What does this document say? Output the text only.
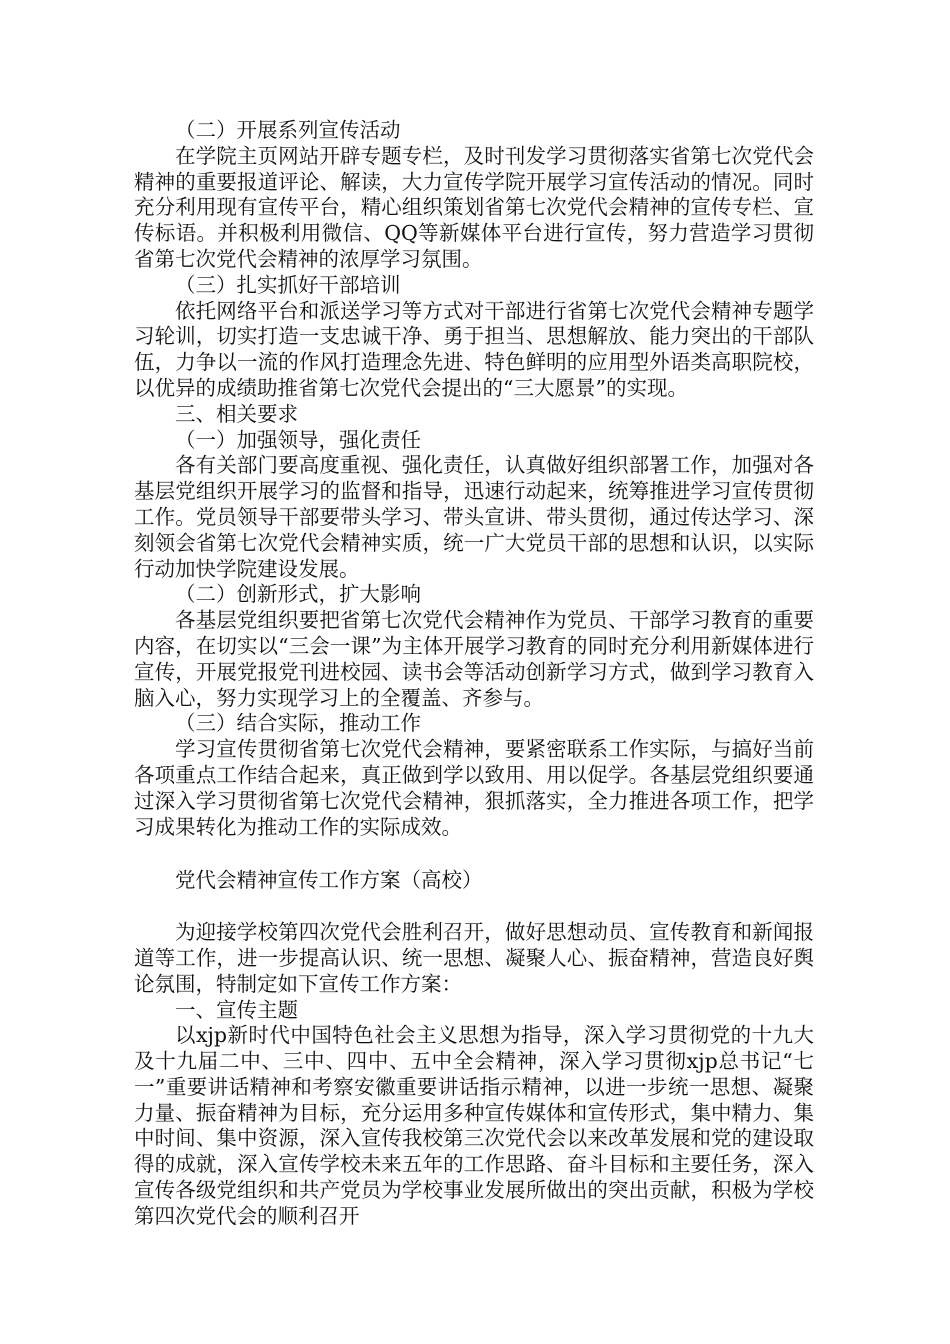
（二）开展系列宣传活动

在学院主页网站开辟专题专栏，及时刊发学习贯彻落实省第七次党代会精神的重要报道评论、解读，大力宣传学院开展学习宣传活动的情况。同时充分利用现有宣传平台，精心组织策划省第七次党代会精神的宣传专栏、宣传标语。并积极利用微信、QQ等新媒体平台进行宣传，努力营造学习贯彻省第七次党代会精神的浓厚学习氛围。

（三）扎实抓好干部培训

依托网络平台和派送学习等方式对干部进行省第七次党代会精神专题学习轮训，切实打造一支忠诚干净、勇于担当、思想解放、能力突出的干部队伍，力争以一流的作风打造理念先进、特色鲜明的应用型外语类高职院校，以优异的成绩助推省第七次党代会提出的“三大愿景”的实现。

三、相关要求

（一）加强领导，强化责任

各有关部门要高度重视、强化责任，认真做好组织部署工作，加强对各基层党组织开展学习的监督和指导，迅速行动起来，统筹推进学习宣传贯彻工作。党员领导干部要带头学习、带头宣讲、带头贯彻，通过传达学习、深刻领会省第七次党代会精神实质，统一广大党员干部的思想和认识，以实际行动加快学院建设发展。

（二）创新形式，扩大影响

各基层党组织要把省第七次党代会精神作为党员、干部学习教育的重要内容，在切实以“三会一课”为主体开展学习教育的同时充分利用新媒体进行宣传，开展党报党刊进校园、读书会等活动创新学习方式，做到学习教育入脑入心，努力实现学习上的全覆盖、齐参与。

（三）结合实际，推动工作

学习宣传贯彻省第七次党代会精神，要紧密联系工作实际，与搞好当前各项重点工作结合起来，真正做到学以致用、用以促学。各基层党组织要通过深入学习贯彻省第七次党代会精神，狠抓落实，全力推进各项工作，把学习成果转化为推动工作的实际成效。

党代会精神宣传工作方案（高校）

为迎接学校第四次党代会胜利召开，做好思想动员、宣传教育和新闻报道等工作，进一步提高认识、统一思想、凝聚人心、振奋精神，营造良好舆论氛围，特制定如下宣传工作方案：

一、宣传主题

以xjp新时代中国特色社会主义思想为指导，深入学习贯彻党的十九大及十九届二中、三中、四中、五中全会精神，深入学习贯彻xjp总书记“七一”重要讲话精神和考察安徽重要讲话指示精神，以进一步统一思想、凝聚力量、振奋精神为目标，充分运用多种宣传媒体和宣传形式，集中精力、集中时间、集中资源，深入宣传我校第三次党代会以来改革发展和党的建设取得的成就，深入宣传学校未来五年的工作思路、奋斗目标和主要任务，深入宣传各级党组织和共产党员为学校事业发展所做出的突出贡献，积极为学校第四次党代会的顺利召开
